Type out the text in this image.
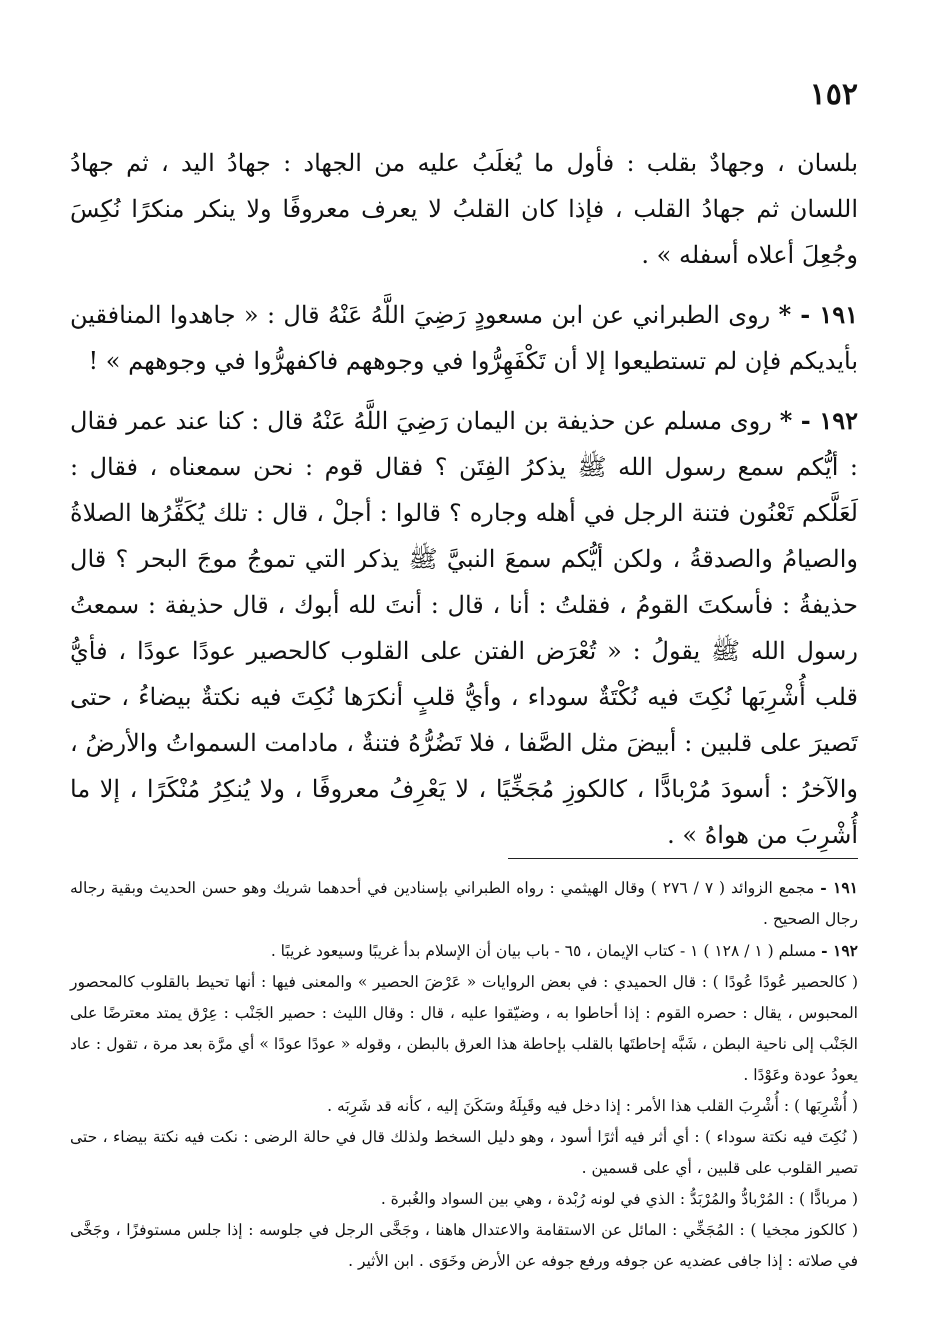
١٥٢

بلسان ، وجهادٌ بقلب : فأول ما يُغلَبُ عليه من الجهاد : جهادُ اليد ، ثم جهادُ اللسان ثم جهادُ القلب ، فإذا كان القلبُ لا يعرف معروفًا ولا ينكر منكرًا نُكِسَ وجُعِلَ أعلاه أسفله » .

١٩١ - * روى الطبراني عن ابن مسعودٍ رَضِيَ اللَّهُ عَنْهُ قال : « جاهدوا المنافقين بأيديكم فإن لم تستطيعوا إلا أن تَكْفَهِرُّوا في وجوههم فاكفهرُّوا في وجوههم » !

١٩٢ - * روى مسلم عن حذيفة بن اليمان رَضِيَ اللَّهُ عَنْهُ قال : كنا عند عمر فقال : أيُّكم سمع رسول الله ﷺ يذكرُ الفِتَن ؟ فقال قوم : نحن سمعناه ، فقال : لَعَلَّكم تَعْنُون فتنة الرجل في أهله وجاره ؟ قالوا : أجلْ ، قال : تلك يُكَفِّرُها الصلاةُ والصيامُ والصدقةُ ، ولكن أيُّكم سمعَ النبيَّ ﷺ يذكر التي تموجُ موجَ البحر ؟ قال حذيفةُ : فأسكتَ القومُ ، فقلتُ : أنا ، قال : أنتَ لله أبوك ، قال حذيفة : سمعتُ رسول الله ﷺ يقولُ : « تُعْرَض الفتن على القلوب كالحصير عودًا عودًا ، فأيُّ قلب أُشْرِبَها نُكِتَ فيه نُكْتَةٌ سوداء ، وأيُّ قلبٍ أنكرَها نُكِتَ فيه نكتةٌ بيضاءُ ، حتى تَصيرَ على قلبين : أبيضَ مثل الصَّفا ، فلا تَضُرُّهُ فتنةٌ ، مادامت السمواتُ والأرضُ ، والآخرُ : أسودَ مُرْبادًّا ، كالكوزِ مُجَخِّيًا ، لا يَعْرِفُ معروفًا ، ولا يُنكِرُ مُنْكَرًا ، إلا ما أُشْرِبَ من هواهُ » .

١٩١ - مجمع الزوائد ( ٧ / ٢٧٦ ) وقال الهيثمي : رواه الطبراني بإسنادين في أحدهما شريك وهو حسن الحديث وبقية رجاله رجال الصحيح .

١٩٢ - مسلم ( ١ / ١٢٨ ) ١ - كتاب الإيمان ، ٦٥ - باب بيان أن الإسلام بدأ غريبًا وسيعود غريبًا .

( كالحصير عُودًا عُودًا ) : قال الحميدي : في بعض الروايات « عَرْضَ الحصير » والمعنى فيها : أنها تحيط بالقلوب كالمحصور المحبوس ، يقال : حصره القوم : إذا أحاطوا به ، وضيّقوا عليه ، قال : وقال الليث : حصير الجَنْب : عِرْق يمتد معترضًا على الجَنْب إلى ناحية البطن ، شَبَّه إحاطتَها بالقلب بإحاطة هذا العرق بالبطن ، وقوله « عودًا عودًا » أي مرَّة بعد مرة ، تقول : عاد يعودُ عودة وعَوْدًا .

( أُشْرِبَها ) : أُشْرِبَ القلب هذا الأمر : إذا دخل فيه وقَبِلَهُ وسَكَنَ إليه ، كأنه قد شَرِبَه .

( نُكِتَ فيه نكتة سوداء ) : أي أثر فيه أثرًا أسود ، وهو دليل السخط ولذلك قال في حالة الرضى : نكت فيه نكتة بيضاء ، حتى تصير القلوب على قلبين ، أي على قسمين .

( مربادًّا ) : المُرْبادُّ والمُرْبَدُّ : الذي في لونه رُبْدة ، وهي بين السواد والغُبرة .

( كالكوز مجخيا ) : المُجَخِّي : المائل عن الاستقامة والاعتدال هاهنا ، وجَخَّى الرجل في جلوسه : إذا جلس مستوفزًا ، وجَخَّى في صلاته : إذا جافى عضديه عن جوفه ورفع جوفه عن الأرض وخَوَى . ابن الأثير .
